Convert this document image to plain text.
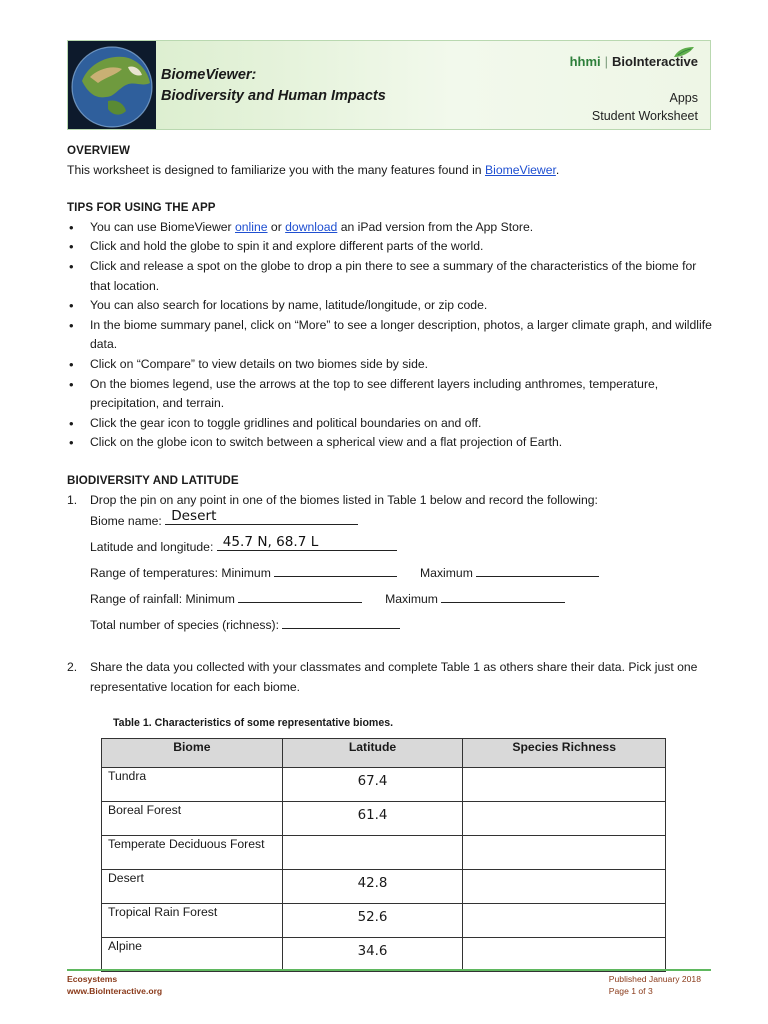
BiomeViewer:
Biodiversity and Human Impacts
hhmi | BioInteractive
Apps
Student Worksheet
OVERVIEW
This worksheet is designed to familiarize you with the many features found in BiomeViewer.
TIPS FOR USING THE APP
• You can use BiomeViewer online or download an iPad version from the App Store.
• Click and hold the globe to spin it and explore different parts of the world.
• Click and release a spot on the globe to drop a pin there to see a summary of the characteristics of the biome for that location.
• You can also search for locations by name, latitude/longitude, or zip code.
• In the biome summary panel, click on “More” to see a longer description, photos, a larger climate graph, and wildlife data.
• Click on “Compare” to view details on two biomes side by side.
• On the biomes legend, use the arrows at the top to see different layers including anthromes, temperature, precipitation, and terrain.
• Click the gear icon to toggle gridlines and political boundaries on and off.
• Click on the globe icon to switch between a spherical view and a flat projection of Earth.
BIODIVERSITY AND LATITUDE
1. Drop the pin on any point in one of the biomes listed in Table 1 below and record the following:
Biome name: Desert
Latitude and longitude: 45.7 N, 68.7 L
Range of temperatures: Minimum	Maximum
Range of rainfall: Minimum	Maximum
Total number of species (richness):
2. Share the data you collected with your classmates and complete Table 1 as others share their data. Pick just one representative location for each biome.
Table 1. Characteristics of some representative biomes.
Biome	Latitude	Species Richness
Tundra	67.4	
Boreal Forest	61.4	
Temperate Deciduous Forest		
Desert	42.8	
Tropical Rain Forest	52.6	
Alpine	34.6	
Ecosystems
www.BioInteractive.org
Published January 2018
Page 1 of 3
